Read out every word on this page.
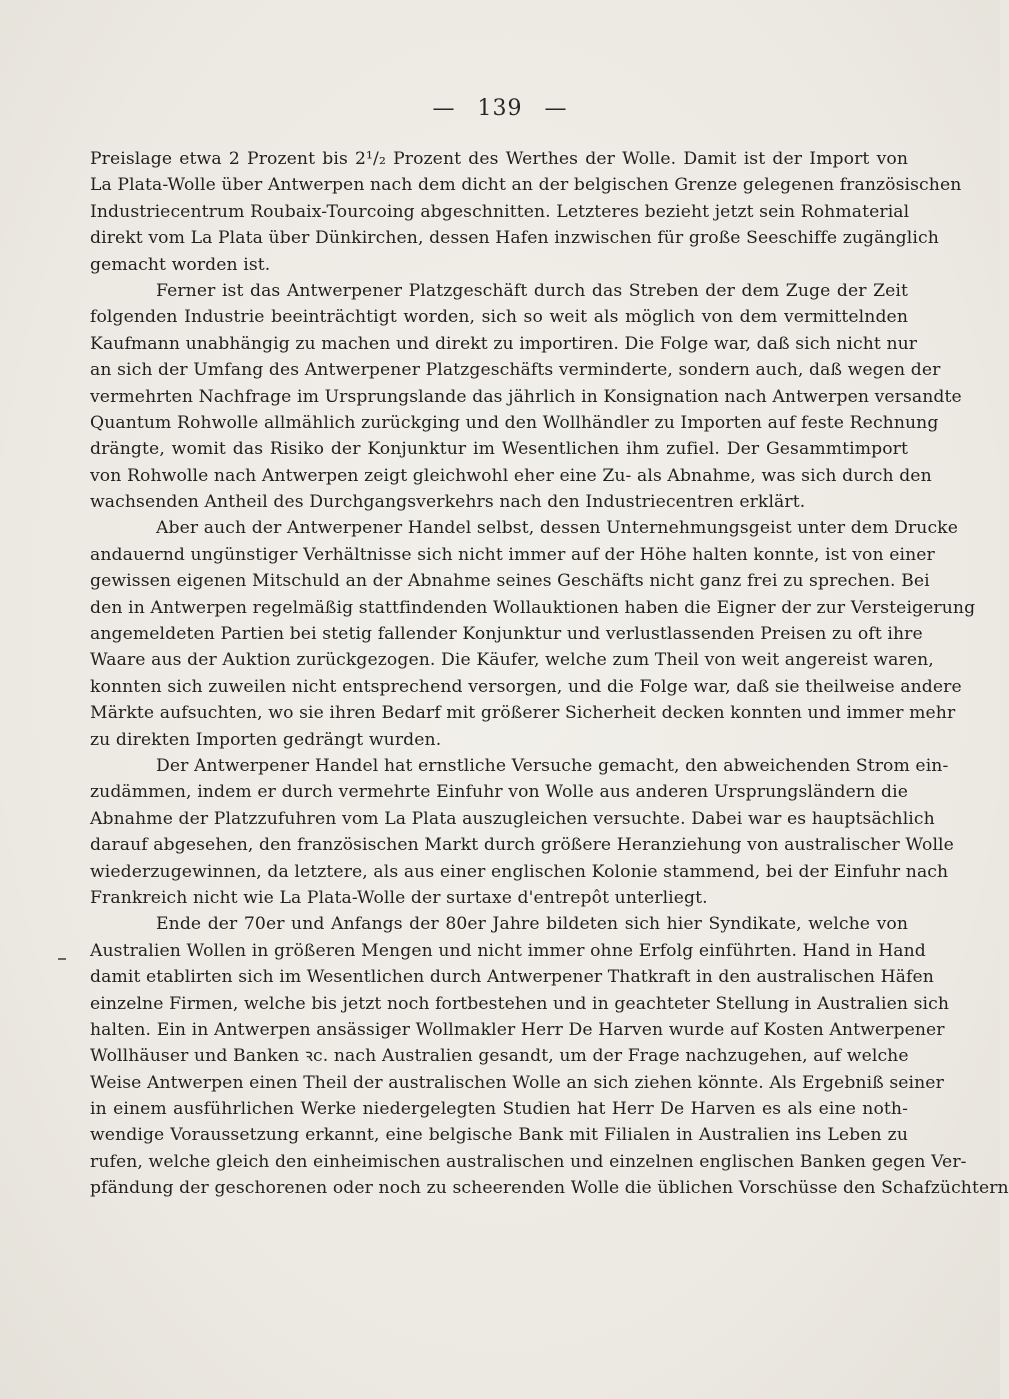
— 139 —
Preislage etwa 2 Prozent bis 2¹/₂ Prozent des Werthes der Wolle. Damit ist der Import von
La Plata-Wolle über Antwerpen nach dem dicht an der belgischen Grenze gelegenen französischen
Industriecentrum Roubaix-Tourcoing abgeschnitten. Letzteres bezieht jetzt sein Rohmaterial
direkt vom La Plata über Dünkirchen, dessen Hafen inzwischen für große Seeschiffe zugänglich
gemacht worden ist.
Ferner ist das Antwerpener Platzgeschäft durch das Streben der dem Zuge der Zeit
folgenden Industrie beeinträchtigt worden, sich so weit als möglich von dem vermittelnden
Kaufmann unabhängig zu machen und direkt zu importiren. Die Folge war, daß sich nicht nur
an sich der Umfang des Antwerpener Platzgeschäfts verminderte, sondern auch, daß wegen der
vermehrten Nachfrage im Ursprungslande das jährlich in Konsignation nach Antwerpen versandte
Quantum Rohwolle allmählich zurückging und den Wollhändler zu Importen auf feste Rechnung
drängte, womit das Risiko der Konjunktur im Wesentlichen ihm zufiel. Der Gesammtimport
von Rohwolle nach Antwerpen zeigt gleichwohl eher eine Zu- als Abnahme, was sich durch den
wachsenden Antheil des Durchgangsverkehrs nach den Industriecentren erklärt.
Aber auch der Antwerpener Handel selbst, dessen Unternehmungsgeist unter dem Drucke
andauernd ungünstiger Verhältnisse sich nicht immer auf der Höhe halten konnte, ist von einer
gewissen eigenen Mitschuld an der Abnahme seines Geschäfts nicht ganz frei zu sprechen. Bei
den in Antwerpen regelmäßig stattfindenden Wollauktionen haben die Eigner der zur Versteigerung
angemeldeten Partien bei stetig fallender Konjunktur und verlustlassenden Preisen zu oft ihre
Waare aus der Auktion zurückgezogen. Die Käufer, welche zum Theil von weit angereist waren,
konnten sich zuweilen nicht entsprechend versorgen, und die Folge war, daß sie theilweise andere
Märkte aufsuchten, wo sie ihren Bedarf mit größerer Sicherheit decken konnten und immer mehr
zu direkten Importen gedrängt wurden.
Der Antwerpener Handel hat ernstliche Versuche gemacht, den abweichenden Strom ein-
zudämmen, indem er durch vermehrte Einfuhr von Wolle aus anderen Ursprungsländern die
Abnahme der Platzzufuhren vom La Plata auszugleichen versuchte. Dabei war es hauptsächlich
darauf abgesehen, den französischen Markt durch größere Heranziehung von australischer Wolle
wiederzugewinnen, da letztere, als aus einer englischen Kolonie stammend, bei der Einfuhr nach
Frankreich nicht wie La Plata-Wolle der surtaxe d'entrepôt unterliegt.
Ende der 70er und Anfangs der 80er Jahre bildeten sich hier Syndikate, welche von
Australien Wollen in größeren Mengen und nicht immer ohne Erfolg einführten. Hand in Hand
damit etablirten sich im Wesentlichen durch Antwerpener Thatkraft in den australischen Häfen
einzelne Firmen, welche bis jetzt noch fortbestehen und in geachteter Stellung in Australien sich
halten. Ein in Antwerpen ansässiger Wollmakler Herr De Harven wurde auf Kosten Antwerpener
Wollhäuser und Banken ꝛc. nach Australien gesandt, um der Frage nachzugehen, auf welche
Weise Antwerpen einen Theil der australischen Wolle an sich ziehen könnte. Als Ergebniß seiner
in einem ausführlichen Werke niedergelegten Studien hat Herr De Harven es als eine noth-
wendige Voraussetzung erkannt, eine belgische Bank mit Filialen in Australien ins Leben zu
rufen, welche gleich den einheimischen australischen und einzelnen englischen Banken gegen Ver-
pfändung der geschorenen oder noch zu scheerenden Wolle die üblichen Vorschüsse den Schafzüchtern
